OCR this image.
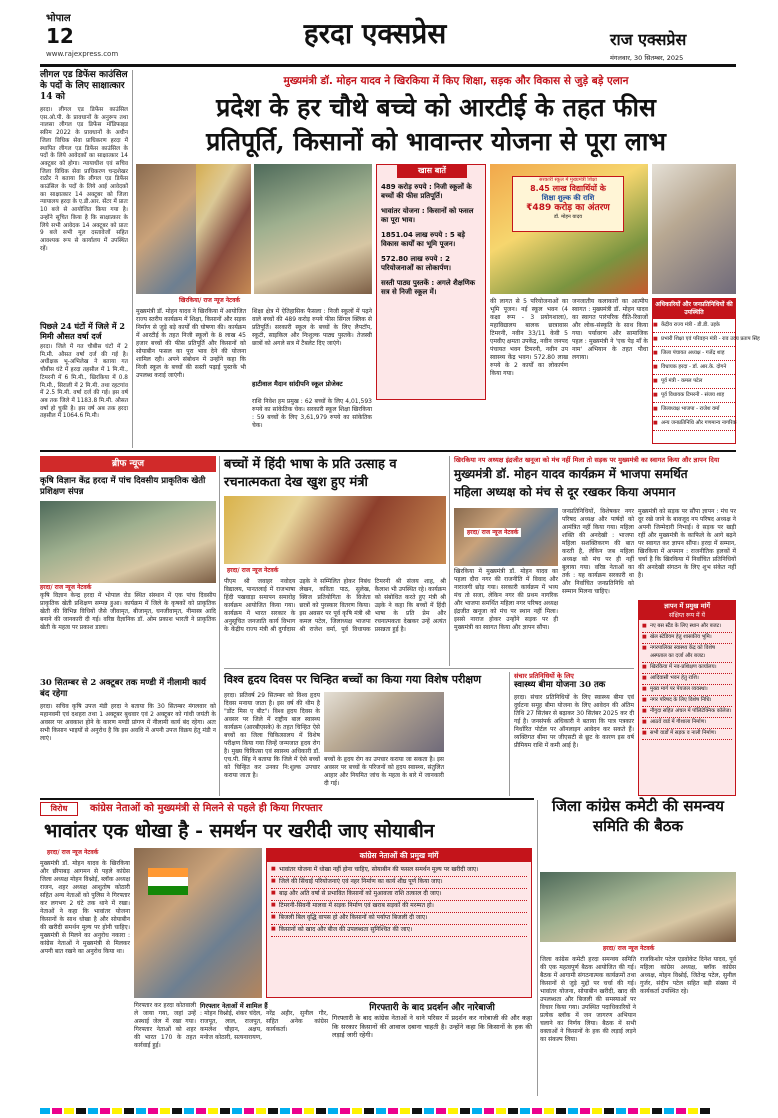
भोपाल
12
www.rajexpress.com
हरदा एक्सप्रेस	राज एक्सप्रेस
मंगलवार, 30 सितम्बर, 2025
लीगल एड डिफेंस काउंसिल के पदों के लिए साक्षात्कार 14 को
हरदा। लीगल एड डिफेंस काउंसिल एस.ओ.पी. के प्रावधानों के अनुरूप तथा नालसा लीगल एड डिफेंस मॉडिफाइड स्कीम 2022 के प्रावधानों के अधीन जिला विधिक सेवा प्राधिकरण हरदा में स्थापित लीगल एड डिफेंस काउंसिल के पदों के लिये आवेदकों का साक्षात्कार 14 अक्टूबर को होगा। न्यायाधीश एवं सचिव जिला विधिक सेवा प्राधिकरण चन्द्रशेखर राठौर ने बताया कि लीगल एड डिफेंस काउंसिल के पदों के लिये आई आवेदकों का साक्षात्कार 14 अक्टूबर को जिला न्यायालय हरदा के ए.डी.आर. सेंटर में प्रातः 10 बजे से आयोजित किया गया है। उन्होंने सूचित किया है कि साक्षात्कार के लिये सभी आवेदक 14 अक्टूबर को प्रातः 9 बजे सभी मूल दस्तावेजों सहित आवश्यक रूप से कार्यालय में उपस्थित रहें।
पिछले 24 घंटों में जिले में 2 मिमी औसत वर्षा दर्ज
हरदा। जिले में गत चौबीस घंटों में 2 मि.मी. औसत वर्षा दर्ज की गई है। अधीक्षक भू-अभिलेख ने बताया गत चौबीस घंटे में हरदा तहसील में 1 मि.मी., टिमरनी में 6 मि.मी., खिरकिया में 0.8 मि.मी., सिराली में 2 मि.मी. तथा रहटगांव में 2.5 मि.मी. वर्षा दर्ज की गई। इस वर्ष अब तक जिले में 1183.8 मि.मी. औसत वर्षा हो चुकी है। इस वर्ष अब तक हरदा तहसील में 1064.6 मि.मी।
मुख्यमंत्री डॉ. मोहन यादव ने खिरकिया में किए शिक्षा, सड़क और विकास से जुड़े बड़े एलान
प्रदेश के हर चौथे बच्चे को आरटीई के तहत फीस
प्रतिपूर्ति, किसानों को भावान्तर योजना से पूरा लाभ
खिरकिया/ राज न्यूज नेटवर्क
मुख्यमंत्री डॉ. मोहन यादव ने खिरकिया में आयोजित राज्य स्तरीय कार्यक्रम में शिक्षा, किसानों और सड़क निर्माण से जुड़े बड़े कार्यों की घोषणा की। कार्यक्रम में आरटीई के तहत निजी स्कूलों के 8 लाख 45 हजार बच्चों की फीस प्रतिपूर्ति और किसानों को सोयाबीन फसल का पूरा भाव देने की योजना शामिल रही। अपने संबोधन में उन्होंने कहा कि निजी स्कूल के बच्चों की सस्ती पढ़ाई पुस्तकें भी उपलब्ध कराई जाएंगी।
शिक्षा क्षेत्र में ऐतिहासिक फैसला : निजी स्कूलों में पढ़ने वाले बच्चों की 489 करोड़ रुपये फीस सिंगल क्लिक से प्रतिपूर्ति। सरकारी स्कूल के बच्चों के लिए लैपटॉप, स्कूटी, साइकिल और निःशुल्क पाठ्य पुस्तकें। तेजस्वी छात्रों को अगले सत्र में टैबलेट दिए जाएंगे।
हाटीवाल मैदान सांदीपनि स्कूल प्रोजेक्ट
राशि निवेश हम प्रमुख : 62 बच्चों के लिए 4,01,593 रुपये का सांकेतिक चेक। सरकारी स्कूल शिक्षा खिरकिया : 59 बच्चों के लिए 3,61,979 रुपये का सांकेतिक चेक।
खास बातें
489 करोड़ रुपये : निजी स्कूलों के बच्चों की फीस प्रतिपूर्ति।
भावांतर योजना : किसानों को फसल का पूरा भाव।
1851.04 लाख रुपये : 5 बड़े विकास कार्यों का भूमि पूजन।
572.80 लाख रुपये : 2 परियोजनाओं का लोकार्पण।
सस्ती पाठ्य पुस्तकें : अगले शैक्षणिक सत्र से निजी स्कूल में।
सरकारी स्कूल में मुख्यमंत्री शिक्षा
8.45 लाख विद्यार्थियों के
शिक्षा शुल्क की राशि
₹489 करोड़ का अंतरण
डॉ. मोहन यादव
की लागत से 5 परियोजनाओं का भूमि पूजन। नई स्कूल भवन (4 कक्षा रूम - 3 प्रयोगशाला), महाविद्यालय बालक छात्रावास टिमरनी, नवीन 33/11 केवी 5 एमवीए क्षमता उपकेंद्र, नवीन जनपद पंचायत भवन टिमरनी, नवीन उप स्वास्थ्य केंद्र भवन। 572.80 लाख रुपये के 2 कार्यों का लोकार्पण किया गया।
जनजातीय कलाकारों का आत्मीय स्वागत : मुख्यमंत्री डॉ. मोहन यादव का स्वागत पारंपरिक रीति-रिवाजों और लोक-संस्कृति के साथ किया गया। पर्यावरण और सामाजिक पहल : मुख्यमंत्री ने 'एक पेड़ माँ के नाम' अभियान के तहत पौधा लगाया।
अधिकारियों और जनप्रतिनिधियों की उपस्थिति
■ केंद्रीय राज्य मंत्री - डी.डी. उइके
■ प्रभारी शिक्षा एवं परिवहन मंत्री - राव उदय प्रताप सिंह
■ जिला पंचायत अध्यक्ष - गजेंद्र शाह
■ विधायक हरदा - डॉ. आर.के. दोगने
■ पूर्व मंत्री - कमल पटेल
■ पूर्व विधायक टिमरनी - संजय शाह
■ जिलाध्यक्ष भाजपा - राजेश वर्मा
■ अन्य जनप्रतिनिधि और गणमान्य नागरिक
ब्रीफ न्यूज
कृषि विज्ञान केंद्र हरदा में पांच दिवसीय प्राकृतिक खेती प्रशिक्षण संपन्न
हरदा/ राज न्यूज नेटवर्क
कृषि विज्ञान केन्द्र हरदा में भोपाल रोड स्थित संस्थान में एक पांच दिवसीय प्राकृतिक खेती प्रशिक्षण सम्पन्न हुआ। कार्यक्रम में जिले के कृषकों को प्राकृतिक खेती की विभिन्न विधियों जैसे जीवामृत, बीजामृत, घनजीवामृत, नीमास्त्र आदि बनाने की जानकारी दी गई। वरिष्ठ वैज्ञानिक डॉ. ओम प्रकाश भारती ने प्राकृतिक खेती के महत्व पर प्रकाश डाला।
30 सितम्बर से 2 अक्टूबर तक मण्डी में नीलामी कार्य बंद रहेगा
हरदा। सचिव कृषि उपज मंडी हरदा ने बताया कि 30 सितम्बर मंगलवार को महानवमी एवं दशहरा तथा 1 अक्टूबर बुधवार एवं 2 अक्टूबर को गांधी जयंती के अवसर पर अवकाश होने के कारण मण्डी प्रांगण में नीलामी कार्य बंद रहेगा। अतः सभी किसान भाइयों से अनुरोध है कि इस अवधि में अपनी उपज विक्रय हेतु मंडी न लाएं।
बच्चों में हिंदी भाषा के प्रति उत्साह व रचनात्मकता देख खुश हुए मंत्री
हरदा/ राज न्यूज नेटवर्क
पीएम श्री जवाहर नवोदय विद्यालय, पानतलाई में राजभाषा हिंदी पखवाड़ा समापन समारोह कार्यक्रम आयोजित किया गया। कार्यक्रम में भारत सरकार के अनुसूचित जनजाति कार्य विभाग के केंद्रीय राज्य मंत्री श्री दुर्गादास उइके ने सम्मिलित होकर निबंध लेखन, कविता पाठ, सुलेख, क्विज प्रतियोगिता के विजेता छात्रों को पुरस्कार वितरण किया। इस अवसर पर पूर्व कृषि मंत्री श्री कमल पटेल, जिलाध्यक्ष भाजपा श्री राजेश वर्मा, पूर्व विधायक टिमरनी श्री संजय शाह, श्री कैलाश भी उपस्थित रहे। कार्यक्रम को संबोधित करते हुए मंत्री श्री उइके ने कहा कि बच्चों में हिंदी भाषा के प्रति प्रेम और रचनात्मकता देखकर उन्हें अत्यंत प्रसन्नता हुई है।
खिरकिया नप अध्यक्ष इंद्रजीत खनूजा को मंच नहीं मिला तो सड़क पर मुख्यमंत्री का स्वागत किया और ज्ञापन दिया
मुख्यमंत्री डॉ. मोहन यादव कार्यक्रम में भाजपा समर्थित
महिला अध्यक्ष को मंच से दूर रखकर किया अपमान
हरदा/ राज न्यूज नेटवर्क
खिरकिया में मुख्यमंत्री डॉ. मोहन यादव का पहला दौरा नगर की राजनीति में विवाद और नाराजगी छोड़ गया। सरकारी कार्यक्रम में भव्य मंच तो सजा, लेकिन नगर की प्रथम नागरिक और भाजपा समर्थित महिला नगर परिषद अध्यक्ष इंद्रजीत खनूजा को मंच पर स्थान नहीं मिला। इससे नाराज होकर उन्होंने सड़क पर ही मुख्यमंत्री का स्वागत किया और ज्ञापन सौंपा।
जनप्रतिनिधियों, विशेषकर नगर परिषद अध्यक्ष और पार्षदों को आमंत्रित नहीं किया गया। महिला शक्ति की अनदेखी : भाजपा महिला सशक्तिकरण की बात करती है, लेकिन जब महिला अध्यक्ष को मंच पर ही नहीं बुलाया गया। वरिष्ठ नेताओं का तर्क : यह कार्यक्रम सरकारी था और निर्वाचित जनप्रतिनिधि को सम्मान मिलना चाहिए।
मुख्यमंत्री को सड़क पर सौंपा ज्ञापन : मंच पर दूर रखे जाने के बावजूद नप परिषद अध्यक्ष ने अपनी जिम्मेदारी निभाई। वे सड़क पर खड़ी रहीं और मुख्यमंत्री के काफिले के आगे बढ़ने पर स्वागत कर ज्ञापन सौंपा। हरदा में सम्मान, खिरकिया में अपमान : राजनीतिक हलकों में चर्चा है कि खिरकिया में निर्वाचित प्रतिनिधियों की अनदेखी संगठन के लिए शुभ संकेत नहीं है।
ज्ञापन में प्रमुख मांगें
संक्षिप्त रूप में यें
■ नए बस स्टैंड के लिए स्थान और बजट।
■ खेल स्टेडियम हेतु शासकीय भूमि।
■ नगरपालिका स्वास्थ्य केंद्र को विशेष अस्पताल का दर्जा और बजट।
■ खिरकिया में नव-प्रशिक्षण कार्यालय।
■ आदिवासी भवन हेतु राशि।
■ मुख्य मार्ग पर पेयजल व्यवस्था।
■ नगर परिषद के लिए विशेष निधि।
■ नौगुदा सहित अंचल में पॉलिटेक्निक कॉलेज।
■ आठवें वार्ड में गौशाला निर्माण।
■ सभी वार्डों में सड़क व नाली निर्माण।
विश्व हृदय दिवस पर चिन्हित बच्चों का किया गया विशेष परीक्षण
हरदा। प्रतिवर्ष 29 सितम्बर को विश्व हृदय दिवस मनाया जाता है। इस वर्ष की थीम है "डोंट मिस ए बीट"। विश्व हृदय दिवस के अवसर पर जिले में राष्ट्रीय बाल स्वास्थ्य कार्यक्रम (आरबीएसके) के तहत चिन्हित ऐसे बच्चों का जिला चिकित्सालय में विशेष परीक्षण किया गया जिन्हें जन्मजात हृदय रोग है। मुख्य चिकित्सा एवं स्वास्थ्य अधिकारी डॉ. एच.पी. सिंह ने बताया कि जिले में ऐसे बच्चों को चिन्हित कर उनका नि:शुल्क उपचार कराया जाता है।
बच्चों के हृदय रोग का उपचार कराया जा सकता है। इस अवसर पर बच्चों के परिजनों को हृदय स्वास्थ्य, संतुलित आहार और नियमित जांच के महत्व के बारे में जानकारी दी गई।
संचार प्रतिनिधियों के लिए
स्वास्थ्य बीमा योजना 30 तक
हरदा। संचार प्रतिनिधियों के लिए स्वास्थ्य बीमा एवं दुर्घटना समूह बीमा योजना के लिए आवेदन की अंतिम तिथि 27 सितंबर से बढ़ाकर 30 सितंबर 2025 कर दी गई है। जनसंपर्क अधिकारी ने बताया कि पात्र पत्रकार निर्धारित पोर्टल पर ऑनलाइन आवेदन कर सकते हैं। व्यक्तिगत बीमा पर जीएसटी से छूट के कारण इस वर्ष प्रीमियम राशि में कमी आई है।
जिला कांग्रेस कमेटी की समन्वय समिति की बैठक
हरदा/ राज न्यूज नेटवर्क
जिला कांग्रेस कमेटी हरदा समन्वय समिति की एक महत्वपूर्ण बैठक आयोजित की गई। बैठक में आगामी संगठनात्मक कार्यक्रमों तथा किसानों से जुड़े मुद्दों पर चर्चा की गई। भावांतर योजना, सोयाबीन खरीदी, खाद की उपलब्धता और बिजली की समस्याओं पर विचार किया गया। उपस्थित पदाधिकारियों ने प्रत्येक ब्लॉक में जन जागरण अभियान चलाने का निर्णय लिया। बैठक में सभी वक्ताओं ने किसानों के हक की लड़ाई लड़ने का संकल्प लिया।
राजकिशोर पटेल एडवोकेट दिनेश यादव, पूर्व महिला कांग्रेस अध्यक्ष, ब्लॉक कांग्रेस अध्यक्ष, मोहन विश्नोई, जितेन्द्र पटेल, सुनील गुर्जर, संदीप पटेल सहित बड़ी संख्या में कार्यकर्ता उपस्थित रहे।
विरोध	कांग्रेस नेताओं को मुख्यमंत्री से मिलने से पहले ही किया गिरफ्तार
भावांतर एक धोखा है - समर्थन पर खरीदी जाए सोयाबीन
हरदा/ राज न्यूज नेटवर्क
मुख्यमंत्री डॉ. मोहन यादव के खिरकिया और छीपाबड़ आगमन से पहले कांग्रेस जिला अध्यक्ष मोहन विश्नोई, ब्लॉक अध्यक्ष राजन, शहर अध्यक्ष आशुतोष कोठारी सहित अन्य नेताओं को पुलिस ने गिरफ्तार कर लगभग 2 घंटे तक थाने में रखा। नेताओं ने कहा कि भावांतर योजना किसानों के साथ धोखा है और सोयाबीन की खरीदी समर्थन मूल्य पर होनी चाहिए। मुख्यमंत्री से मिलने का अनुरोध नकारा : कांग्रेस नेताओं ने मुख्यमंत्री से मिलकर अपनी बात रखने का अनुरोध किया था।
गिरफ्तार कर हरदा कोतवाली ले जाया गया, जहां उन्हें अस्थाई जेल में रखा गया। गिरफ्तार नेताओं को शहर की भारत 170 के तहत कार्रवाई हुई।
गिरफ्तार नेताओं में शामिल हैं
: मोहन विश्नोई, शंकर चंदेल, राजपूत, लाल, राजपूत, कमलेश चौहान, अक्षय, मनोज कोठारी, सत्यनारायण, नरेंद्र अहीर, सुनील गौर, सहित अनेक कांग्रेस कार्यकर्ता।
कांग्रेस नेताओं की प्रमुख मांगें
■ भावांतर योजना में धोखा नहीं होना चाहिए, सोयाबीन की फसल समर्थन मूल्य पर खरीदी जाए।
■ जिले की सिंचाई परियोजनाएं एवं नहर निर्माण का कार्य शीघ्र पूर्ण किया जाए।
■ बाढ़ और अति वर्षा से प्रभावित किसानों को मुआवजा राशि तत्काल दी जाए।
■ टिमरनी-सिवनी मालवा में सड़क निर्माण एवं खराब सड़कों की मरम्मत हो।
■ बिजली बिल वृद्धि वापस हो और किसानों को पर्याप्त बिजली दी जाए।
■ किसानों को खाद और बीज की उपलब्धता सुनिश्चित की जाए।
गिरफ्तारी के बाद प्रदर्शन और नारेबाजी
गिरफ्तारी के बाद कांग्रेस नेताओं ने थाने परिसर में प्रदर्शन कर नारेबाजी की और कहा कि सरकार किसानों की आवाज दबाना चाहती है। उन्होंने कहा कि किसानों के हक की लड़ाई जारी रहेगी।
